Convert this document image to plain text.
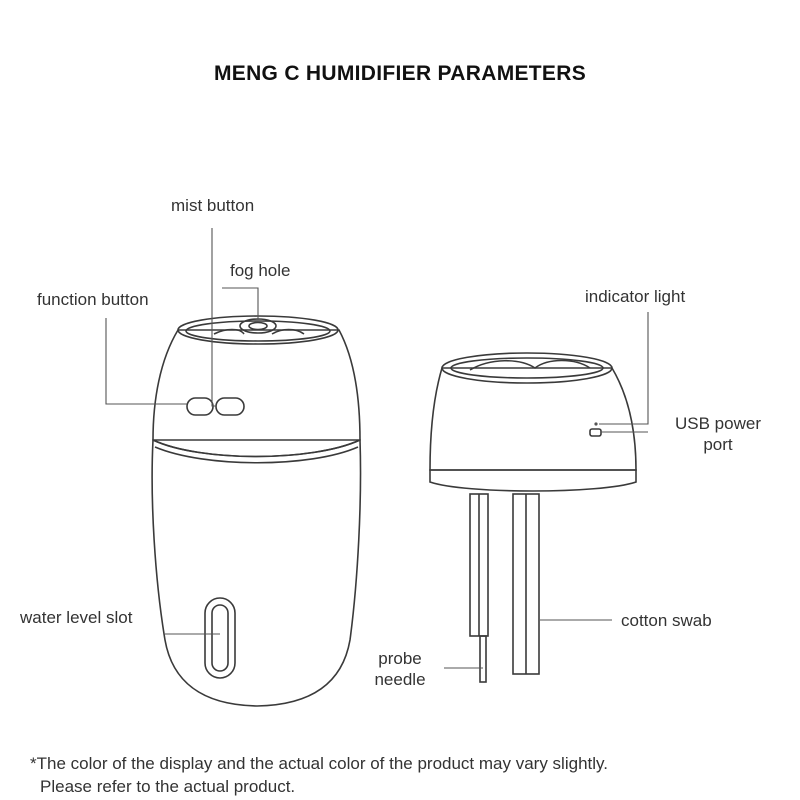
MENG C HUMIDIFIER PARAMETERS
mist button
fog hole
function button	indicator light
USB power
port
water level slot	cotton swab
probe
needle
*The color of the display and the actual color of the product may vary slightly.
Please refer to the actual product.
